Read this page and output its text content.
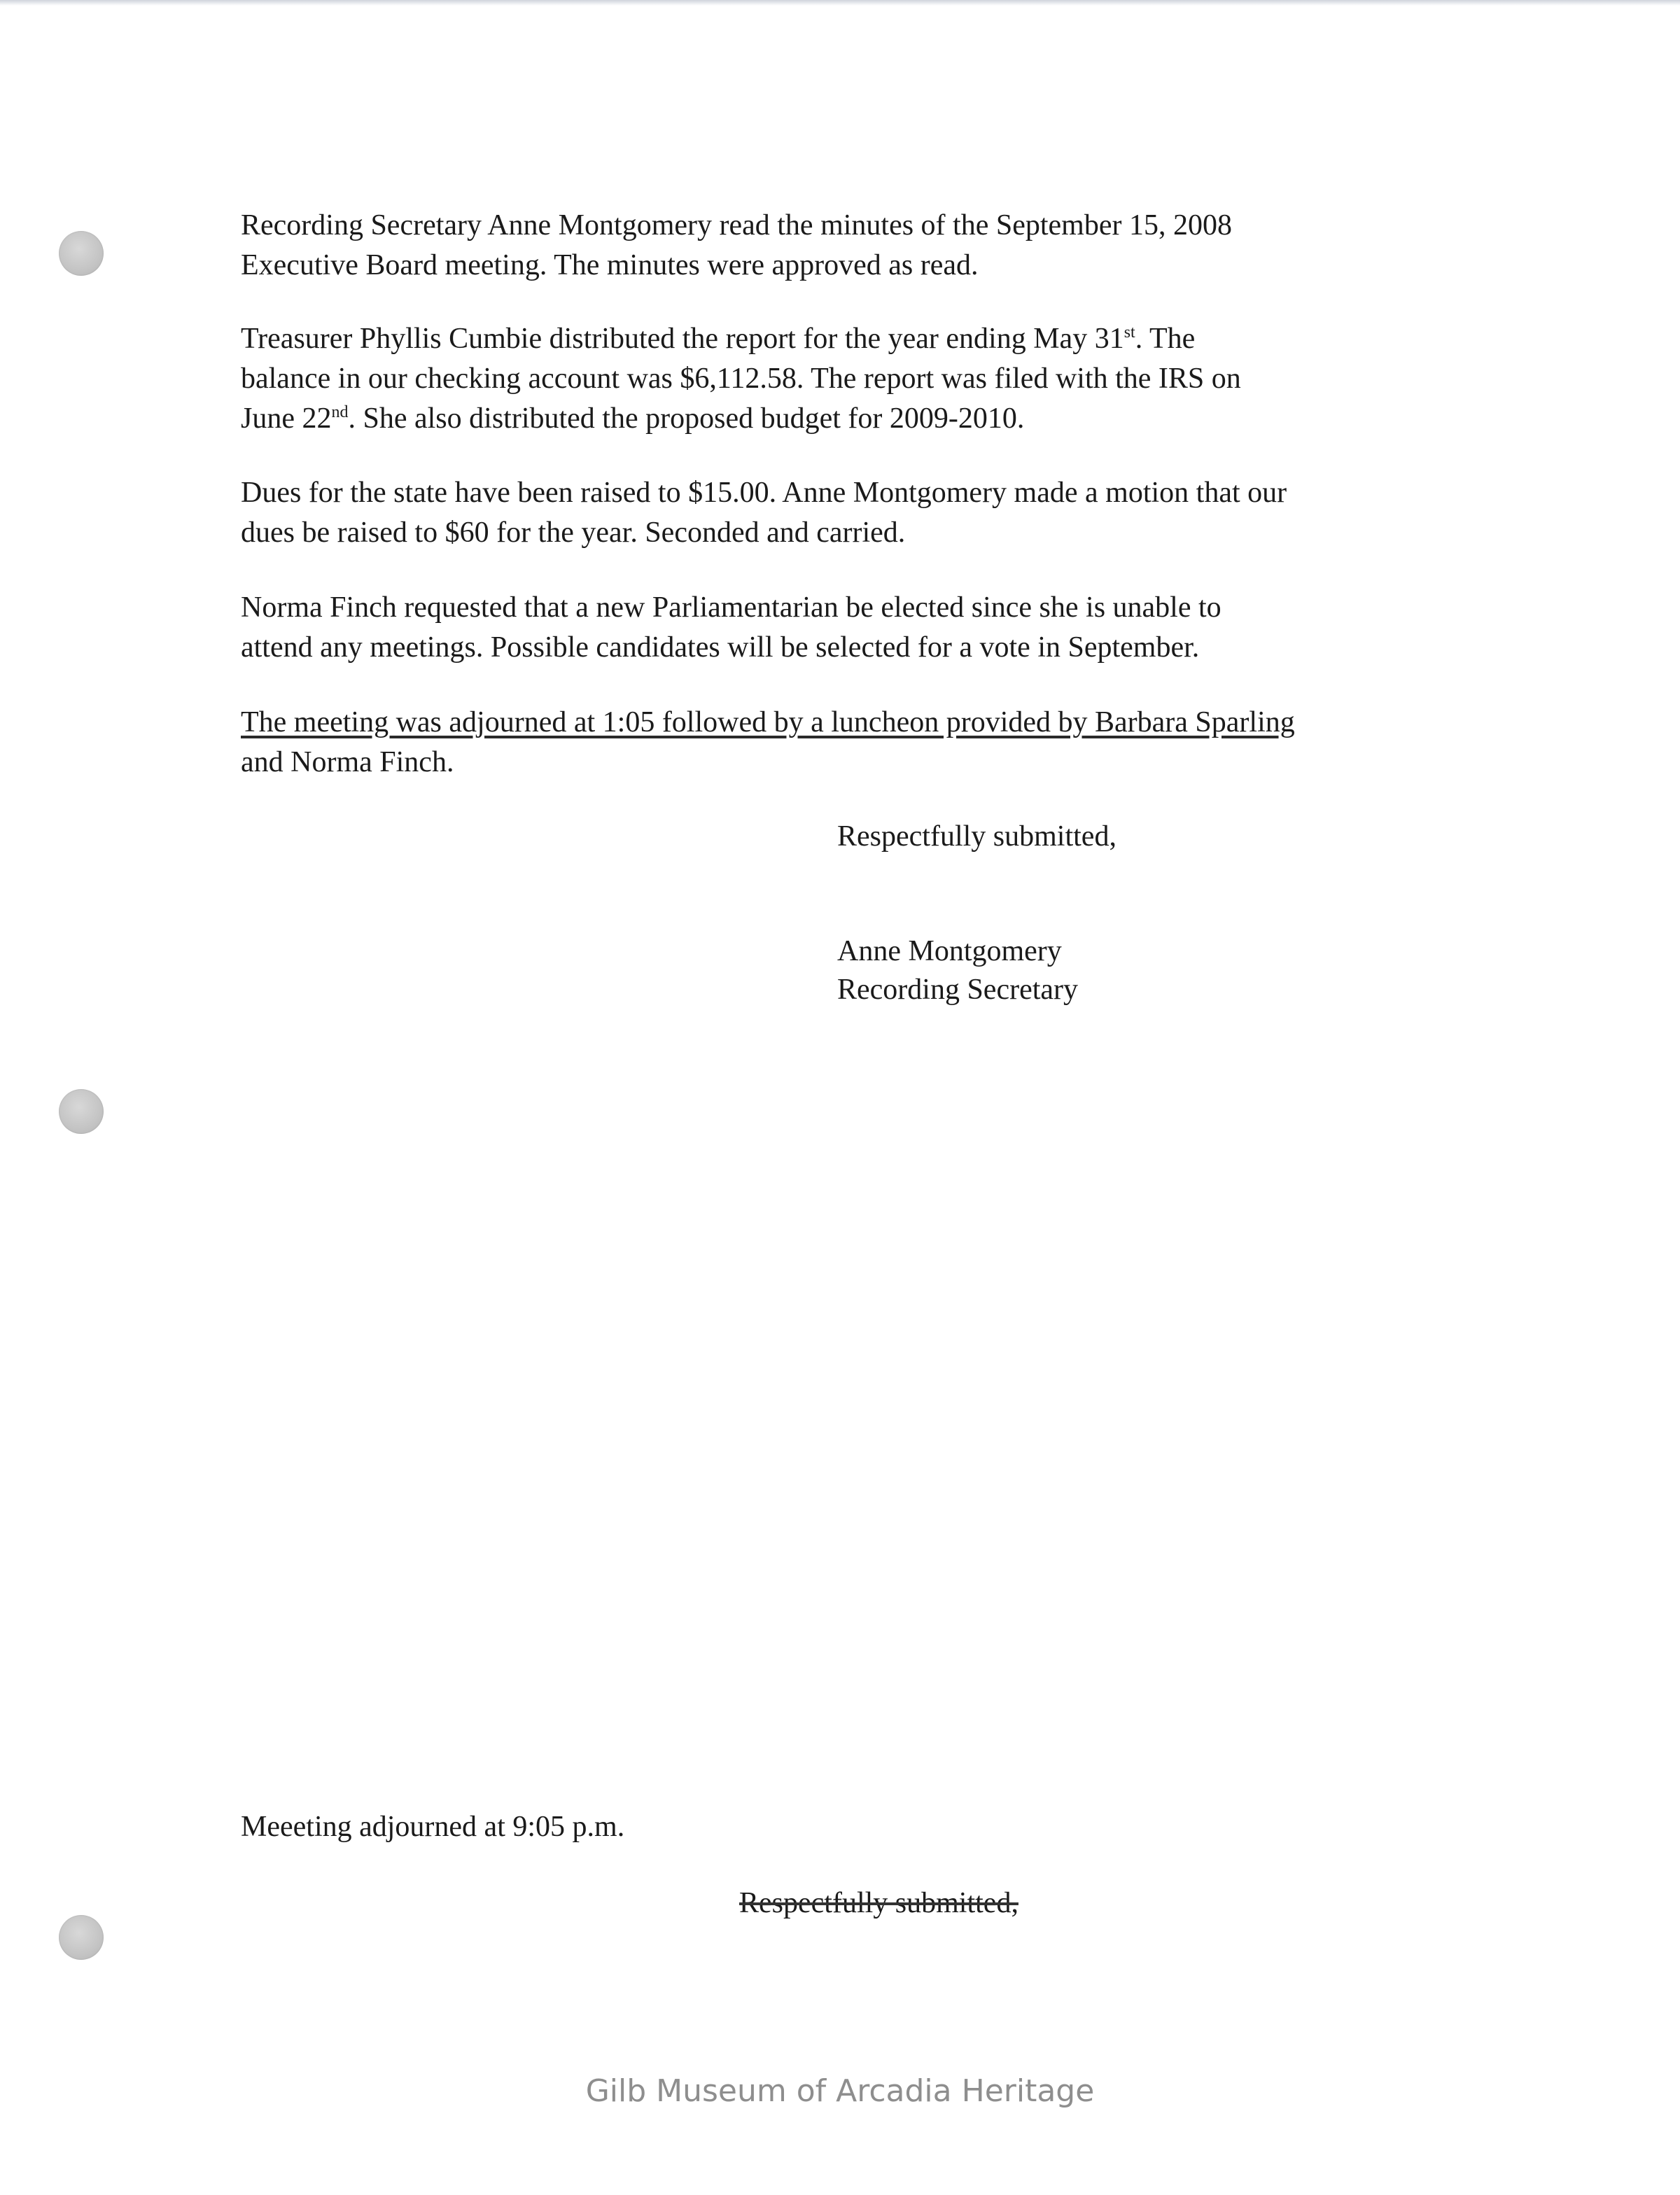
Recording Secretary Anne Montgomery read the minutes of the September 15, 2008
Executive Board meeting. The minutes were approved as read.
Treasurer Phyllis Cumbie distributed the report for the year ending May 31st. The
balance in our checking account was $6,112.58. The report was filed with the IRS on
June 22nd. She also distributed the proposed budget for 2009-2010.
Dues for the state have been raised to $15.00. Anne Montgomery made a motion that our
dues be raised to $60 for the year. Seconded and carried.
Norma Finch requested that a new Parliamentarian be elected since she is unable to
attend any meetings. Possible candidates will be selected for a vote in September.
The meeting was adjourned at 1:05 followed by a luncheon provided by Barbara Sparling
and Norma Finch.

Respectfully submitted,

Anne Montgomery

Recording Secretary

Meeeting adjourned at 9:05 p.m.

Respectfully submitted,

Gilb Museum of Arcadia Heritage
